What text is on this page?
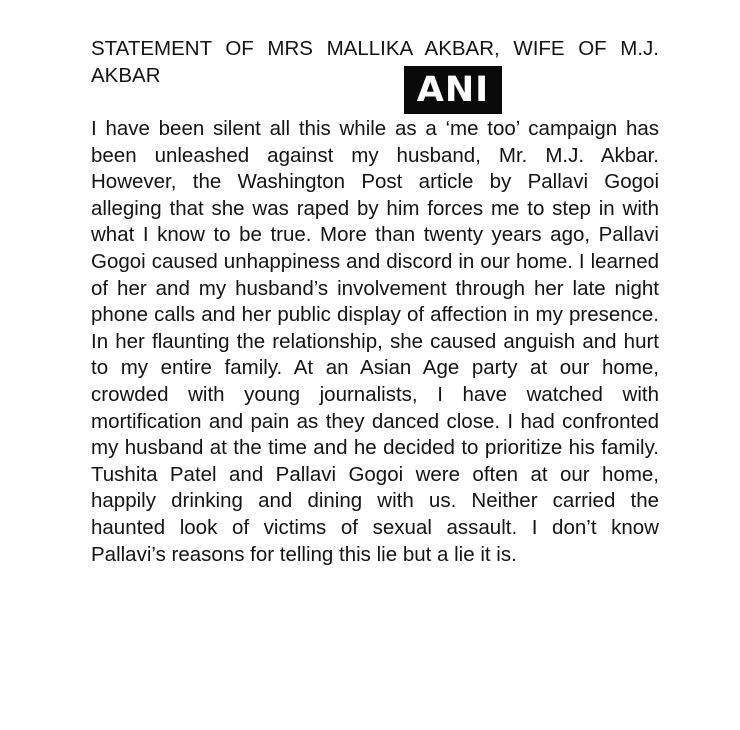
STATEMENT OF MRS MALLIKA AKBAR, WIFE OF M.J. AKBAR	ANI

I have been silent all this while as a ‘me too’ campaign has been unleashed against my husband, Mr. M.J. Akbar. However, the Washington Post article by Pallavi Gogoi alleging that she was raped by him forces me to step in with what I know to be true. More than twenty years ago, Pallavi Gogoi caused unhappiness and discord in our home. I learned of her and my husband’s involvement through her late night phone calls and her public display of affection in my presence. In her flaunting the relationship, she caused anguish and hurt to my entire family. At an Asian Age party at our home, crowded with young journalists, I have watched with mortification and pain as they danced close. I had confronted my husband at the time and he decided to prioritize his family. Tushita Patel and Pallavi Gogoi were often at our home, happily drinking and dining with us. Neither carried the haunted look of victims of sexual assault. I don’t know Pallavi’s reasons for telling this lie but a lie it is.
